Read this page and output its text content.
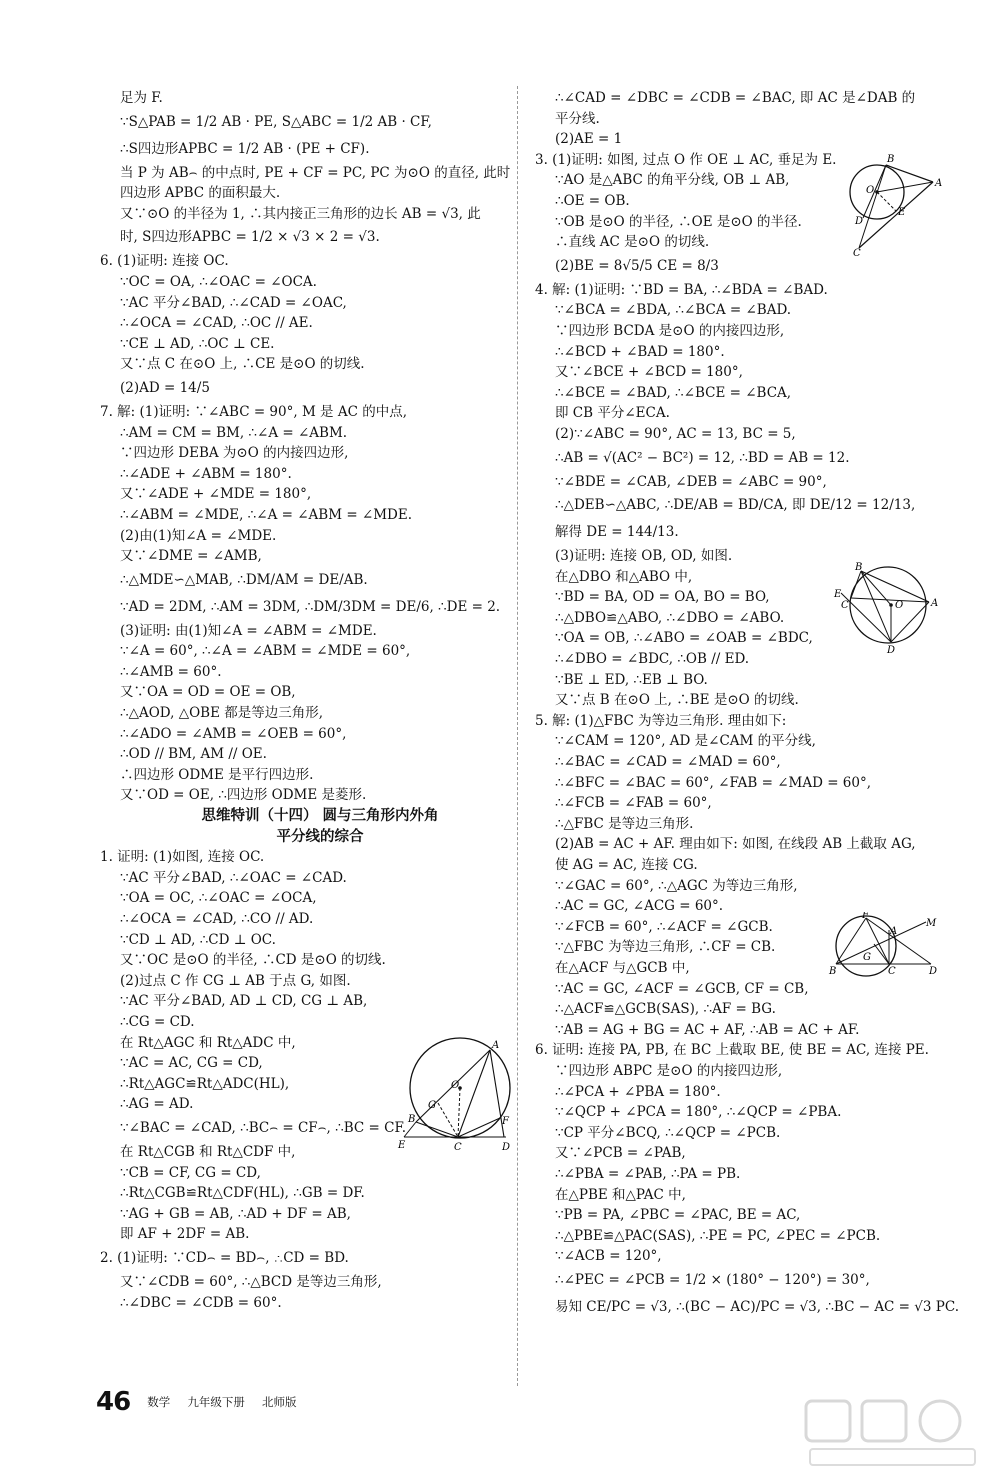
足为 F.
∵S△PAB = 1/2 AB · PE, S△ABC = 1/2 AB · CF,
∴S四边形APBC = 1/2 AB · (PE + CF).
当 P 为 AB⌢ 的中点时, PE + CF = PC, PC 为⊙O 的直径, 此时
四边形 APBC 的面积最大.
又∵⊙O 的半径为 1, ∴其内接正三角形的边长 AB = √3, 此
时, S四边形APBC = 1/2 × √3 × 2 = √3.
6. (1)证明: 连接 OC.
∵OC = OA, ∴∠OAC = ∠OCA.
∵AC 平分∠BAD, ∴∠CAD = ∠OAC,
∴∠OCA = ∠CAD, ∴OC // AE.
∵CE ⊥ AD, ∴OC ⊥ CE.
又∵点 C 在⊙O 上, ∴CE 是⊙O 的切线.
(2)AD = 14/5
7. 解: (1)证明: ∵∠ABC = 90°, M 是 AC 的中点,
∴AM = CM = BM, ∴∠A = ∠ABM.
∵四边形 DEBA 为⊙O 的内接四边形,
∴∠ADE + ∠ABM = 180°.
又∵∠ADE + ∠MDE = 180°,
∴∠ABM = ∠MDE, ∴∠A = ∠ABM = ∠MDE.
(2)由(1)知∠A = ∠MDE.
又∵∠DME = ∠AMB,
∴△MDE∽△MAB, ∴DM/AM = DE/AB.
∵AD = 2DM, ∴AM = 3DM, ∴DM/3DM = DE/6, ∴DE = 2.
(3)证明: 由(1)知∠A = ∠ABM = ∠MDE.
∵∠A = 60°, ∴∠A = ∠ABM = ∠MDE = 60°,
∴∠AMB = 60°.
又∵OA = OD = OE = OB,
∴△AOD, △OBE 都是等边三角形,
∴∠ADO = ∠AMB = ∠OEB = 60°,
∴OD // BM, AM // OE.
∴四边形 ODME 是平行四边形.
又∵OD = OE, ∴四边形 ODME 是菱形.
思维特训（十四） 圆与三角形内外角
平分线的综合
1. 证明: (1)如图, 连接 OC.
∵AC 平分∠BAD, ∴∠OAC = ∠CAD.
∵OA = OC, ∴∠OAC = ∠OCA,
∴∠OCA = ∠CAD, ∴CO // AD.
∵CD ⊥ AD, ∴CD ⊥ OC.
又∵OC 是⊙O 的半径, ∴CD 是⊙O 的切线.
(2)过点 C 作 CG ⊥ AB 于点 G, 如图.
∵AC 平分∠BAD, AD ⊥ CD, CG ⊥ AB,
∴CG = CD.
在 Rt△AGC 和 Rt△ADC 中,
∵AC = AC, CG = CD,
∴Rt△AGC≌Rt△ADC(HL),
∴AG = AD.
∵∠BAC = ∠CAD, ∴BC⌢ = CF⌢, ∴BC = CF.
在 Rt△CGB 和 Rt△CDF 中,
∵CB = CF, CG = CD,
∴Rt△CGB≌Rt△CDF(HL), ∴GB = DF.
∵AG + GB = AB, ∴AD + DF = AB,
即 AF + 2DF = AB.
2. (1)证明: ∵CD⌢ = BD⌢, ∴CD = BD.
又∵∠CDB = 60°, ∴△BCD 是等边三角形,
∴∠DBC = ∠CDB = 60°.
∴∠CAD = ∠DBC = ∠CDB = ∠BAC, 即 AC 是∠DAB 的
平分线.
(2)AE = 1
3. (1)证明: 如图, 过点 O 作 OE ⊥ AC, 垂足为 E.
∵AO 是△ABC 的角平分线, OB ⊥ AB,
∴OE = OB.
∵OB 是⊙O 的半径, ∴OE 是⊙O 的半径.
∴直线 AC 是⊙O 的切线.
(2)BE = 8√5/5 CE = 8/3
4. 解: (1)证明: ∵BD = BA, ∴∠BDA = ∠BAD.
∵∠BCA = ∠BDA, ∴∠BCA = ∠BAD.
∵四边形 BCDA 是⊙O 的内接四边形,
∴∠BCD + ∠BAD = 180°.
又∵∠BCE + ∠BCD = 180°,
∴∠BCE = ∠BAD, ∴∠BCE = ∠BCA,
即 CB 平分∠ECA.
(2)∵∠ABC = 90°, AC = 13, BC = 5,
∴AB = √(AC² − BC²) = 12, ∴BD = AB = 12.
∵∠BDE = ∠CAB, ∠DEB = ∠ABC = 90°,
∴△DEB∽△ABC, ∴DE/AB = BD/CA, 即 DE/12 = 12/13,
解得 DE = 144/13.
(3)证明: 连接 OB, OD, 如图.
在△DBO 和△ABO 中,
∵BD = BA, OD = OA, BO = BO,
∴△DBO≌△ABO, ∴∠DBO = ∠ABO.
∵OA = OB, ∴∠ABO = ∠OAB = ∠BDC,
∴∠DBO = ∠BDC, ∴OB // ED.
∵BE ⊥ ED, ∴EB ⊥ BO.
又∵点 B 在⊙O 上, ∴BE 是⊙O 的切线.
5. 解: (1)△FBC 为等边三角形. 理由如下:
∵∠CAM = 120°, AD 是∠CAM 的平分线,
∴∠BAC = ∠CAD = ∠MAD = 60°,
∴∠BFC = ∠BAC = 60°, ∠FAB = ∠MAD = 60°,
∴∠FCB = ∠FAB = 60°,
∴△FBC 是等边三角形.
(2)AB = AC + AF. 理由如下: 如图, 在线段 AB 上截取 AG,
使 AG = AC, 连接 CG.
∵∠GAC = 60°, ∴△AGC 为等边三角形,
∴AC = GC, ∠ACG = 60°.
∵∠FCB = 60°, ∴∠ACF = ∠GCB.
∵△FBC 为等边三角形, ∴CF = CB.
在△ACF 与△GCB 中,
∵AC = GC, ∠ACF = ∠GCB, CF = CB,
∴△ACF≌△GCB(SAS), ∴AF = BG.
∵AB = AG + BG = AC + AF, ∴AB = AC + AF.
6. 证明: 连接 PA, PB, 在 BC 上截取 BE, 使 BE = AC, 连接 PE.
∵四边形 ABPC 是⊙O 的内接四边形,
∴∠PCA + ∠PBA = 180°.
∵∠QCP + ∠PCA = 180°, ∴∠QCP = ∠PBA.
∵CP 平分∠BCQ, ∴∠QCP = ∠PCB.
又∵∠PCB = ∠PAB,
∴∠PBA = ∠PAB, ∴PA = PB.
在△PBE 和△PAC 中,
∵PB = PA, ∠PBC = ∠PAC, BE = AC,
∴△PBE≌△PAC(SAS), ∴PE = PC, ∠PEC = ∠PCB.
∵∠ACB = 120°,
∴∠PEC = ∠PCB = 1/2 × (180° − 120°) = 30°,
易知 CE/PC = √3, ∴(BC − AC)/PC = √3, ∴BC − AC = √3 PC.
B
O
A
D
E
C
B
E
C	O	A
D
F
A
M
G
B	C	D
A
O
G
B	F
E	C	D
46 数学 九年级下册 北师版
